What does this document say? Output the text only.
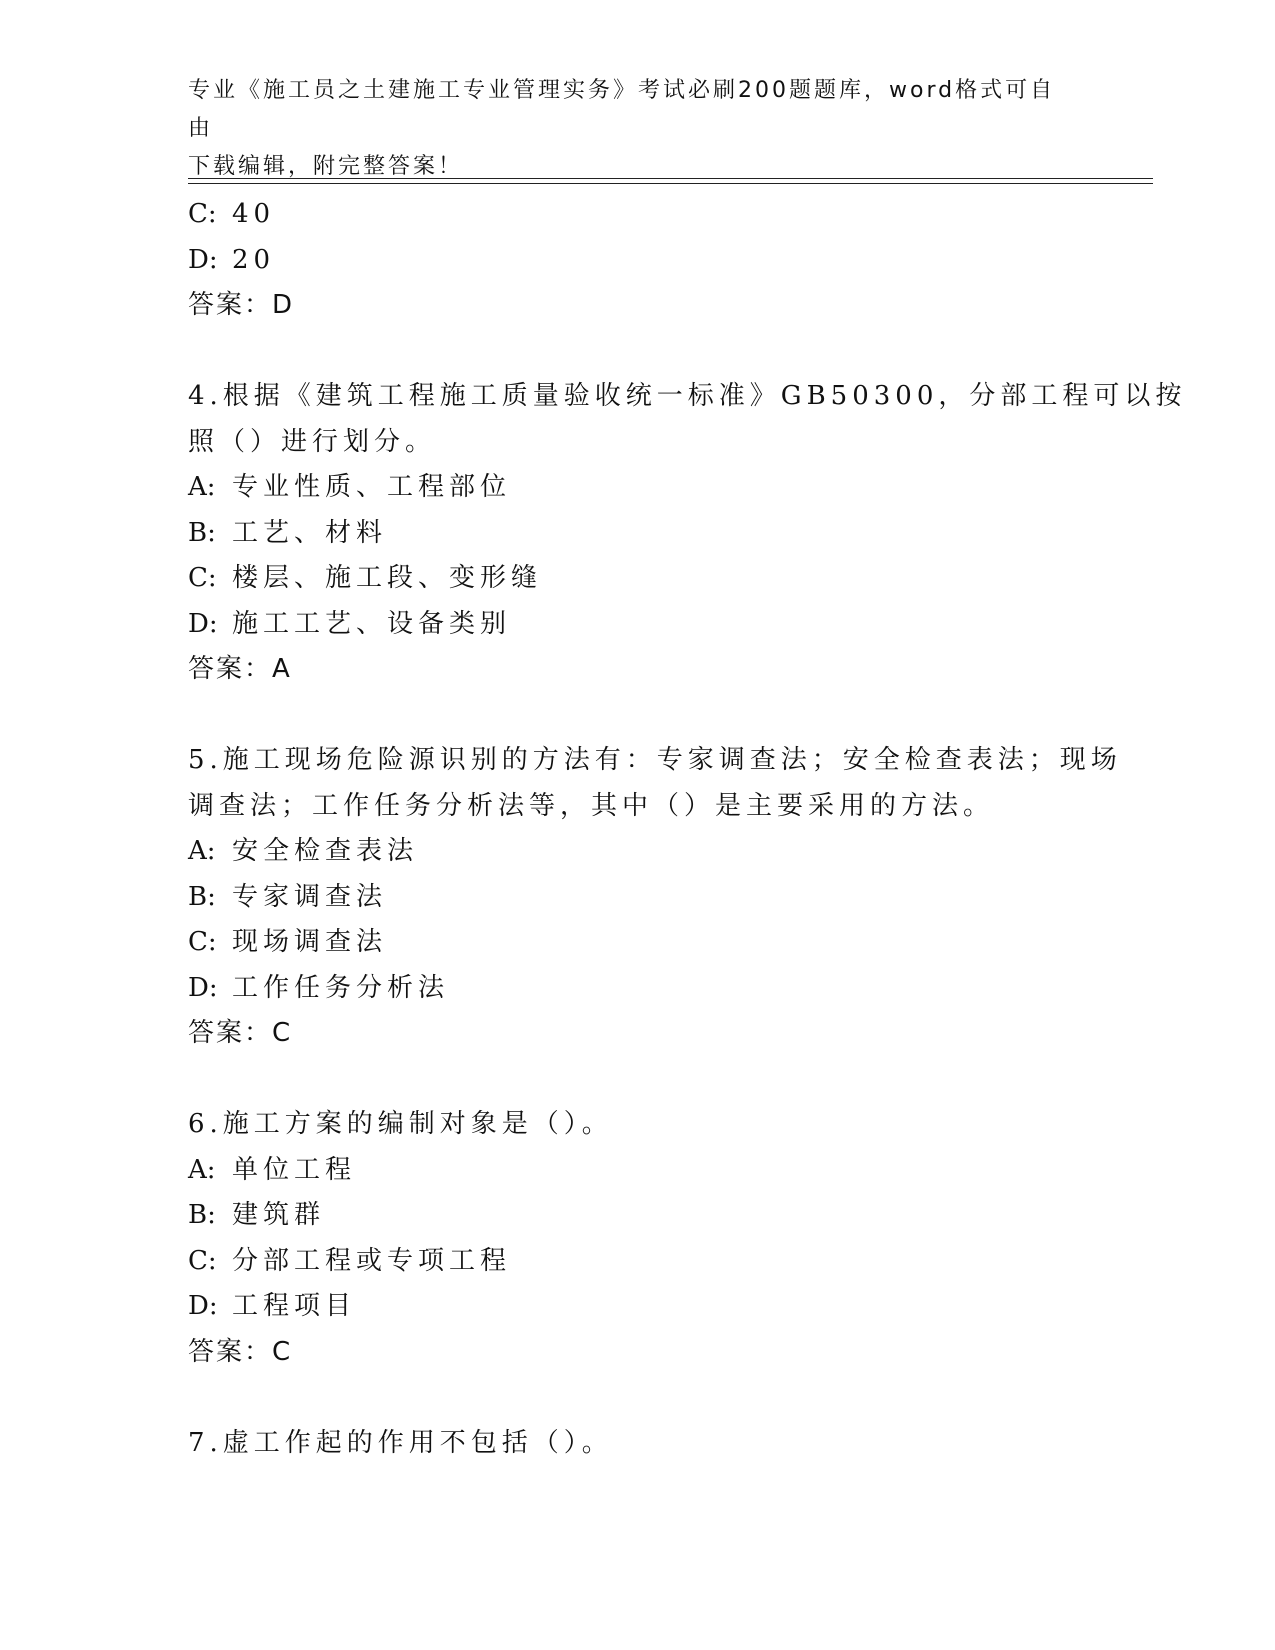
专业《施工员之土建施工专业管理实务》考试必刷200题题库，word格式可自由
下载编辑，附完整答案！
C: 40
D: 20
答案：D
4.根据《建筑工程施工质量验收统一标准》GB50300，分部工程可以按
照（）进行划分。
A: 专业性质、工程部位
B: 工艺、材料
C: 楼层、施工段、变形缝
D: 施工工艺、设备类别
答案：A
5.施工现场危险源识别的方法有：专家调查法；安全检查表法；现场
调查法；工作任务分析法等，其中（）是主要采用的方法。
A: 安全检查表法
B: 专家调查法
C: 现场调查法
D: 工作任务分析法
答案：C
6.施工方案的编制对象是（）。
A: 单位工程
B: 建筑群
C: 分部工程或专项工程
D: 工程项目
答案：C
7.虚工作起的作用不包括（）。
